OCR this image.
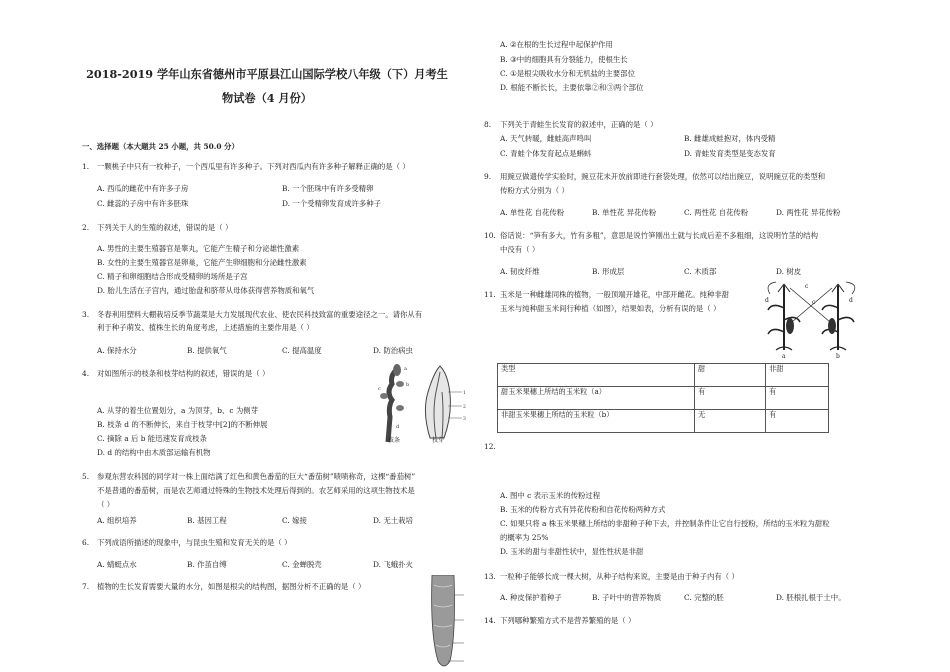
2018-2019 学年山东省德州市平原县江山国际学校八年级（下）月考生
物试卷（4 月份）
一、选择题（本大题共 25 小题，共 50.0 分）
1. 一颗桃子中只有一枚种子，一个西瓜里有许多种子。下列对西瓜内有许多种子解释正确的是（ ）
A. 西瓜的雌花中有许多子房	B. 一个胚珠中有许多受精卵
C. 雌蕊的子房中有许多胚珠	D. 一个受精卵发育成许多种子
2. 下列关于人的生殖的叙述，错误的是（ ）
A. 男性的主要生殖器官是睾丸，它能产生精子和分泌雄性激素
B. 女性的主要生殖器官是卵巢，它能产生卵细胞和分泌雌性激素
C. 精子和卵细胞结合形成受精卵的场所是子宫
D. 胎儿生活在子宫内，通过胎盘和脐带从母体获得营养物质和氧气
3. 冬春利用塑料大棚栽培反季节蔬菜是大力发展现代农业、使农民科技致富的重要途径之一。请你从有
利于种子萌发、植株生长的角度考虑，上述措施的主要作用是（ ）
A. 保持水分	B. 提供氧气	C. 提高温度	D. 防治病虫
4. 对如图所示的枝条和枝芽结构的叙述，错误的是（ ）
A. 从芽的着生位置划分，a 为顶芽，b、c 为侧芽
B. 枝条 d 的不断伸长，来自于枝芽中[2]的不断伸展
C. 摘除 a 后 b 能迅速发育成枝条
D. d 的结构中由木质部运输有机物
a
b
c
d
1
2
3
枝条	枝芽
5. 参观东营农科园的同学对一株上面结满了红色和黄色番茄的巨大“番茄树”啧啧称奇，这棵“番茄树”
不是普通的番茄树，而是农艺师通过特殊的生物技术处理后得到的。农艺师采用的这项生物技术是
（ ）
A. 组织培养	B. 基因工程	C. 嫁接	D. 无土栽培
6. 下列成语所描述的现象中，与昆虫生殖和发育无关的是（ ）
A. 蜻蜓点水	B. 作茧自缚	C. 金蝉脱壳	D. 飞蛾扑火
7. 植物的生长发育需要大量的水分，如图是根尖的结构图，据图分析不正确的是（ ）
A. ②在根的生长过程中起保护作用
B. ③中的细胞具有分裂能力，使根生长
C. ①是根尖吸收水分和无机盐的主要部位
D. 根能不断长长，主要依靠②和③两个部位
8. 下列关于青蛙生长发育的叙述中，正确的是（ ）
A. 天气转暖，雌蛙高声鸣叫	B. 雌雄成蛙抱对，体内受精
C. 青蛙个体发育起点是蝌蚪	D. 青蛙发育类型是变态发育
9. 用豌豆做遗传学实验时，豌豆花未开放前即进行套袋处理，依然可以结出豌豆，说明豌豆花的类型和
传粉方式分别为（ ）
A. 单性花 自花传粉	B. 单性花 异花传粉	C. 两性花 自花传粉	D. 两性花 异花传粉
10. 俗话说：“笋有多大，竹有多粗”，意思是说竹笋刚出土就与长成后差不多粗细，这说明竹茎的结构
中没有（ ）
A. 韧皮纤维	B. 形成层	C. 木质部	D. 树皮
11. 玉米是一种雌雄同株的植物，一般顶端开雄花，中部开雌花。纯种非甜
玉米与纯种甜玉米间行种植（如图），结果如表，分析有误的是（ ）
c
c
d	d
a	b
类型	甜	非甜
甜玉米果穗上所结的玉米粒（a）	有	有
非甜玉米果穗上所结的玉米粒（b）	无	有
12.
A. 图中 c 表示玉米的传粉过程
B. 玉米的传粉方式有异花传粉和自花传粉两种方式
C. 如果只将 a 株玉米果穗上所结的非甜种子种下去，并控制条件让它自行授粉，所结的玉米粒为甜粒
的概率为 25%
D. 玉米的甜与非甜性状中，显性性状是非甜
13. 一粒种子能够长成一棵大树，从种子结构来说，主要是由于种子内有（ ）
A. 种皮保护着种子	B. 子叶中的营养物质	C. 完整的胚	D. 胚根扎根于土中。
14. 下列哪种繁殖方式不是营养繁殖的是（ ）
